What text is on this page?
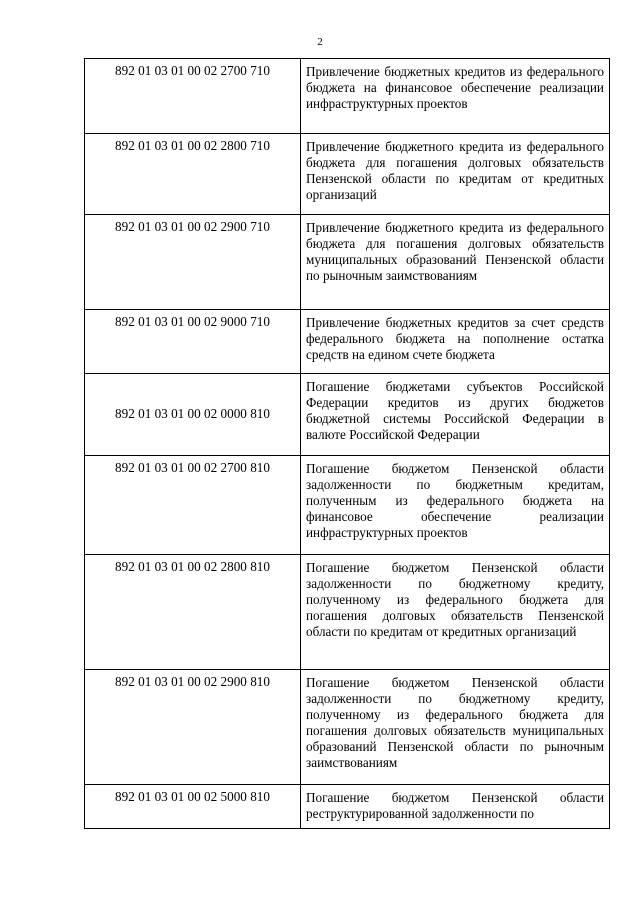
2
892 01 03 01 00 02 2700 710	Привлечение бюджетных кредитов из федерального бюджета на финансовое обеспечение реализации инфраструктурных проектов
892 01 03 01 00 02 2800 710	Привлечение бюджетного кредита из федерального бюджета для погашения долговых обязательств Пензенской области по кредитам от кредитных организаций
892 01 03 01 00 02 2900 710	Привлечение бюджетного кредита из федерального бюджета для погашения долговых обязательств муниципальных образований Пензенской области по рыночным заимствованиям
892 01 03 01 00 02 9000 710	Привлечение бюджетных кредитов за счет средств федерального бюджета на пополнение остатка средств на едином счете бюджета
892 01 03 01 00 02 0000 810	Погашение бюджетами субъектов Российской Федерации кредитов из других бюджетов бюджетной системы Российской Федерации в валюте Российской Федерации
892 01 03 01 00 02 2700 810	Погашение бюджетом Пензенской области задолженности по бюджетным кредитам, полученным из федерального бюджета на финансовое обеспечение реализации инфраструктурных проектов
892 01 03 01 00 02 2800 810	Погашение бюджетом Пензенской области задолженности по бюджетному кредиту, полученному из федерального бюджета для погашения долговых обязательств Пензенской области по кредитам от кредитных организаций
892 01 03 01 00 02 2900 810	Погашение бюджетом Пензенской области задолженности по бюджетному кредиту, полученному из федерального бюджета для погашения долговых обязательств муниципальных образований Пензенской области по рыночным заимствованиям
892 01 03 01 00 02 5000 810	Погашение бюджетом Пензенской области реструктурированной задолженности по
